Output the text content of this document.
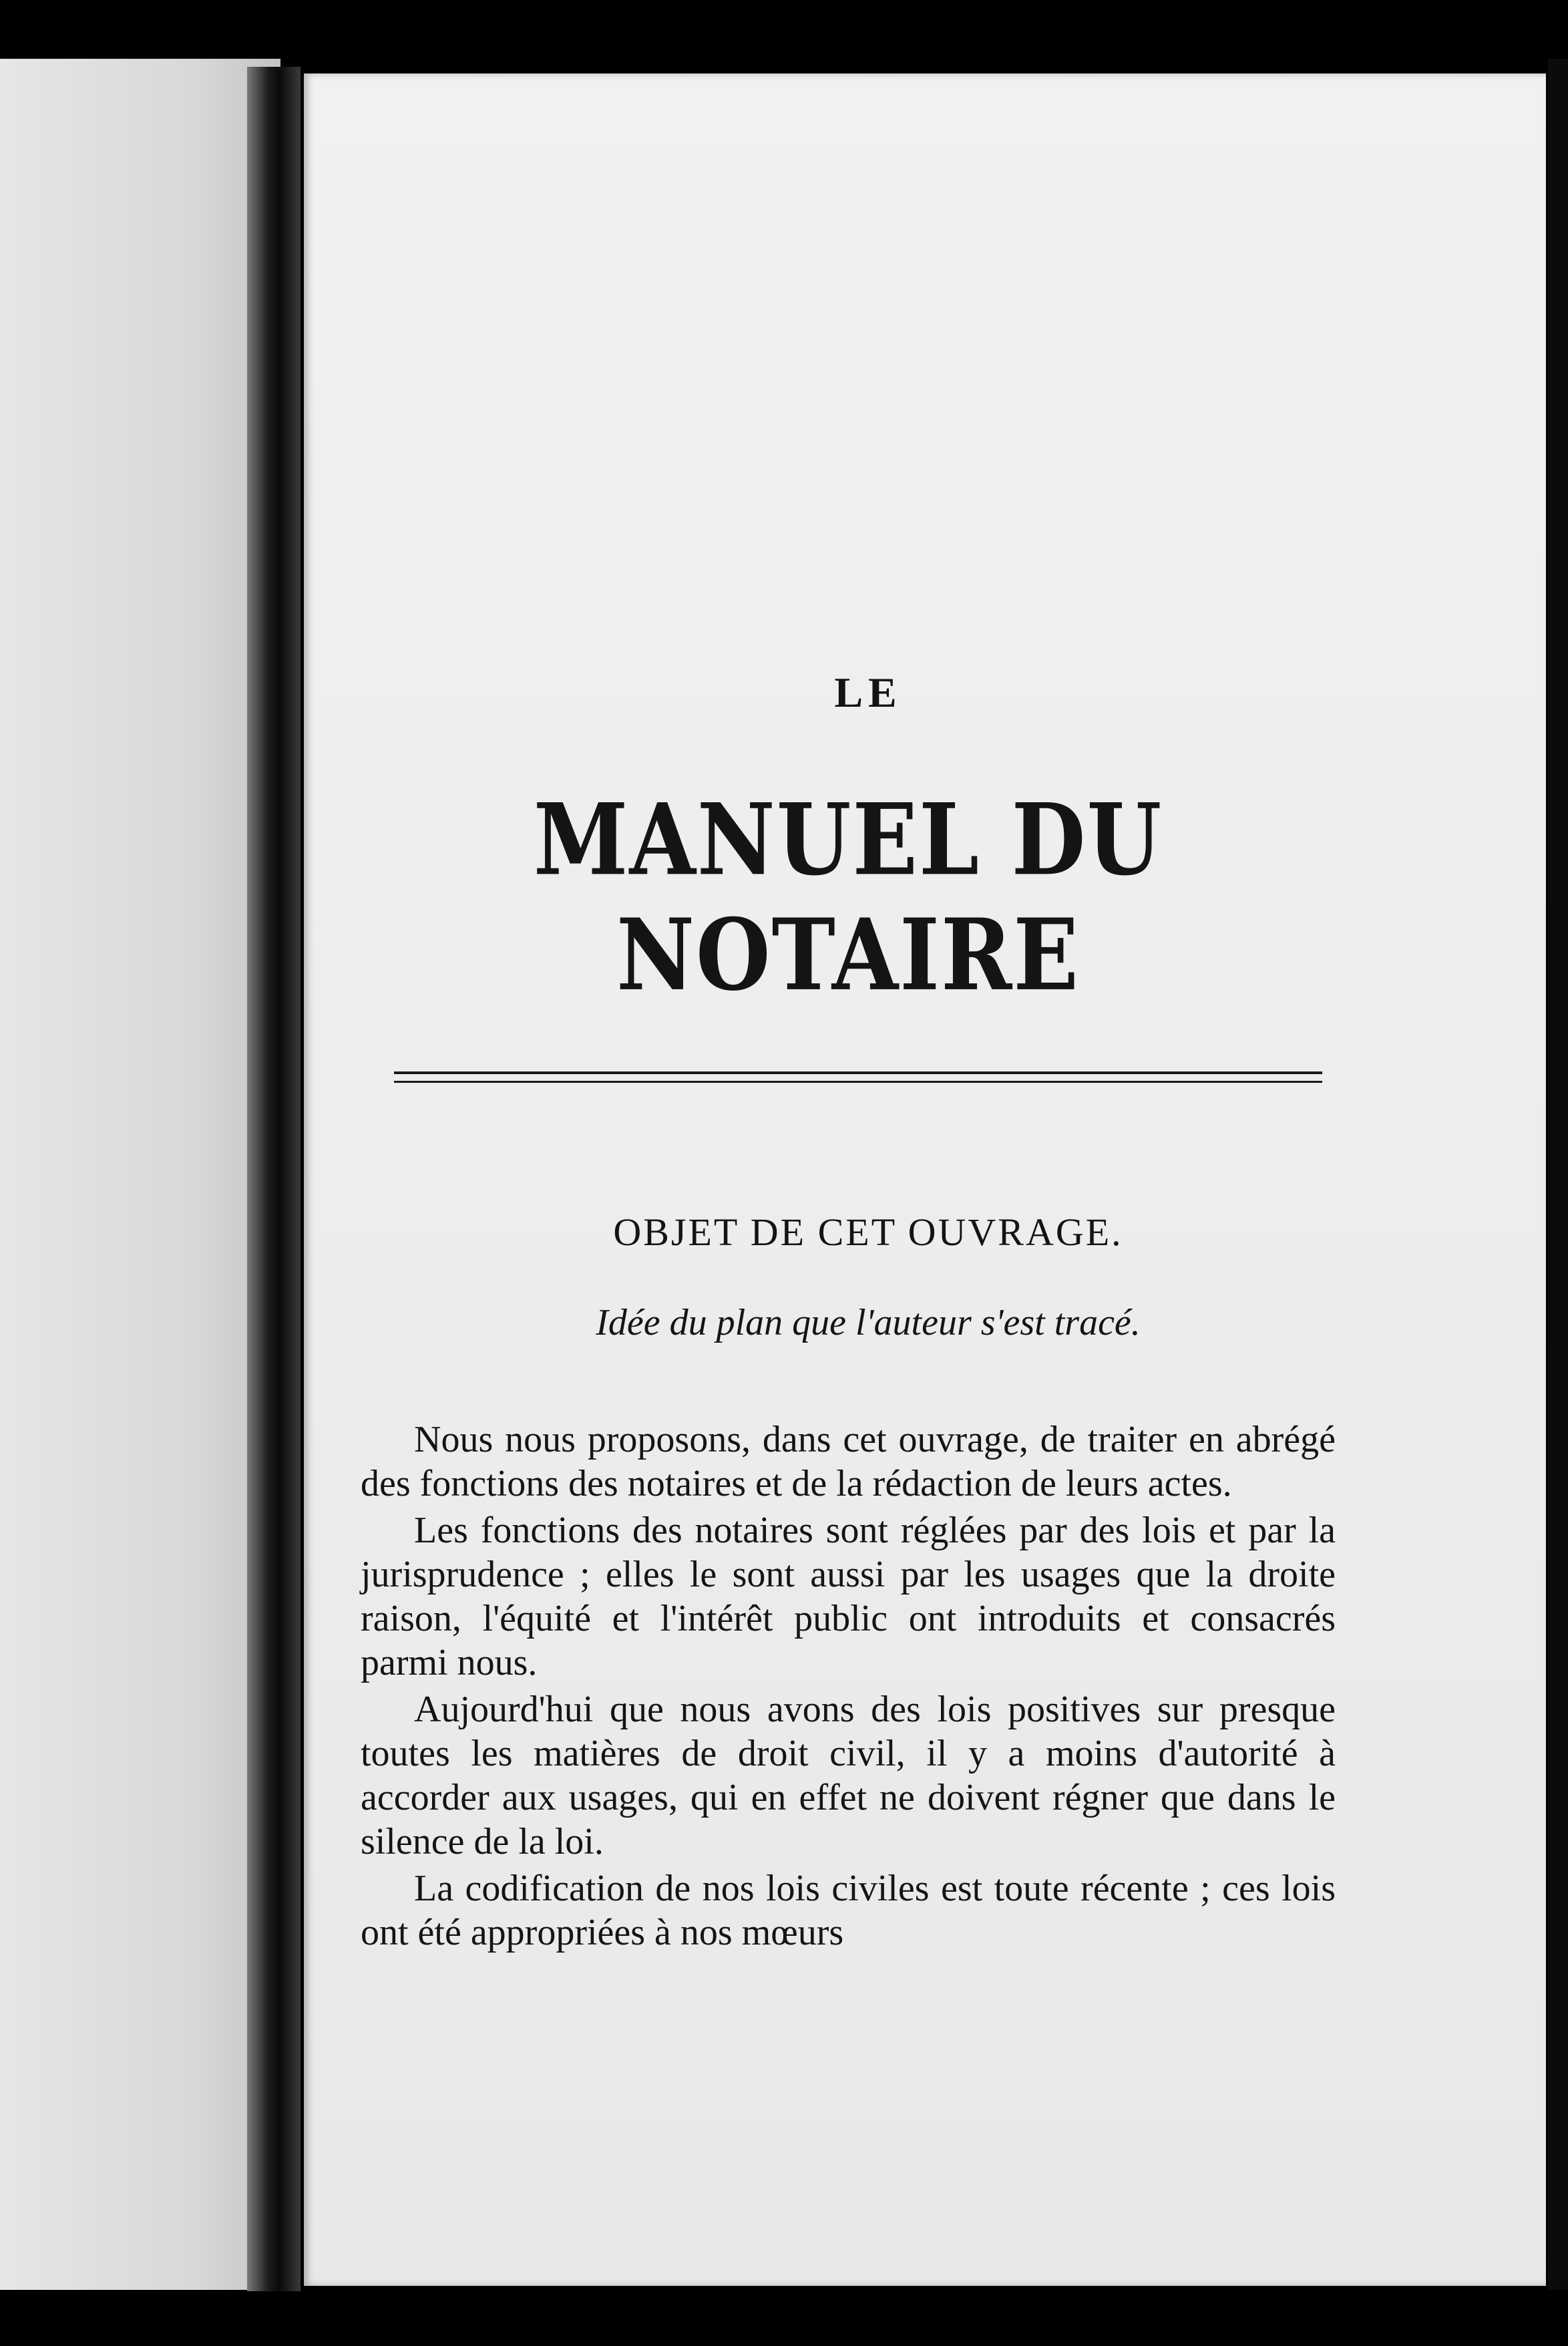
LE
MANUEL DU NOTAIRE
OBJET DE CET OUVRAGE.
Idée du plan que l'auteur s'est tracé.

Nous nous proposons, dans cet ouvrage, de traiter en abrégé des fonctions des notaires et de la rédaction de leurs actes.

Les fonctions des notaires sont réglées par des lois et par la jurisprudence ; elles le sont aussi par les usages que la droite raison, l'équité et l'intérêt public ont introduits et consacrés parmi nous.

Aujourd'hui que nous avons des lois positives sur presque toutes les matières de droit civil, il y a moins d'autorité à accorder aux usages, qui en effet ne doivent régner que dans le silence de la loi.

La codification de nos lois civiles est toute récente ; ces lois ont été appropriées à nos mœurs
